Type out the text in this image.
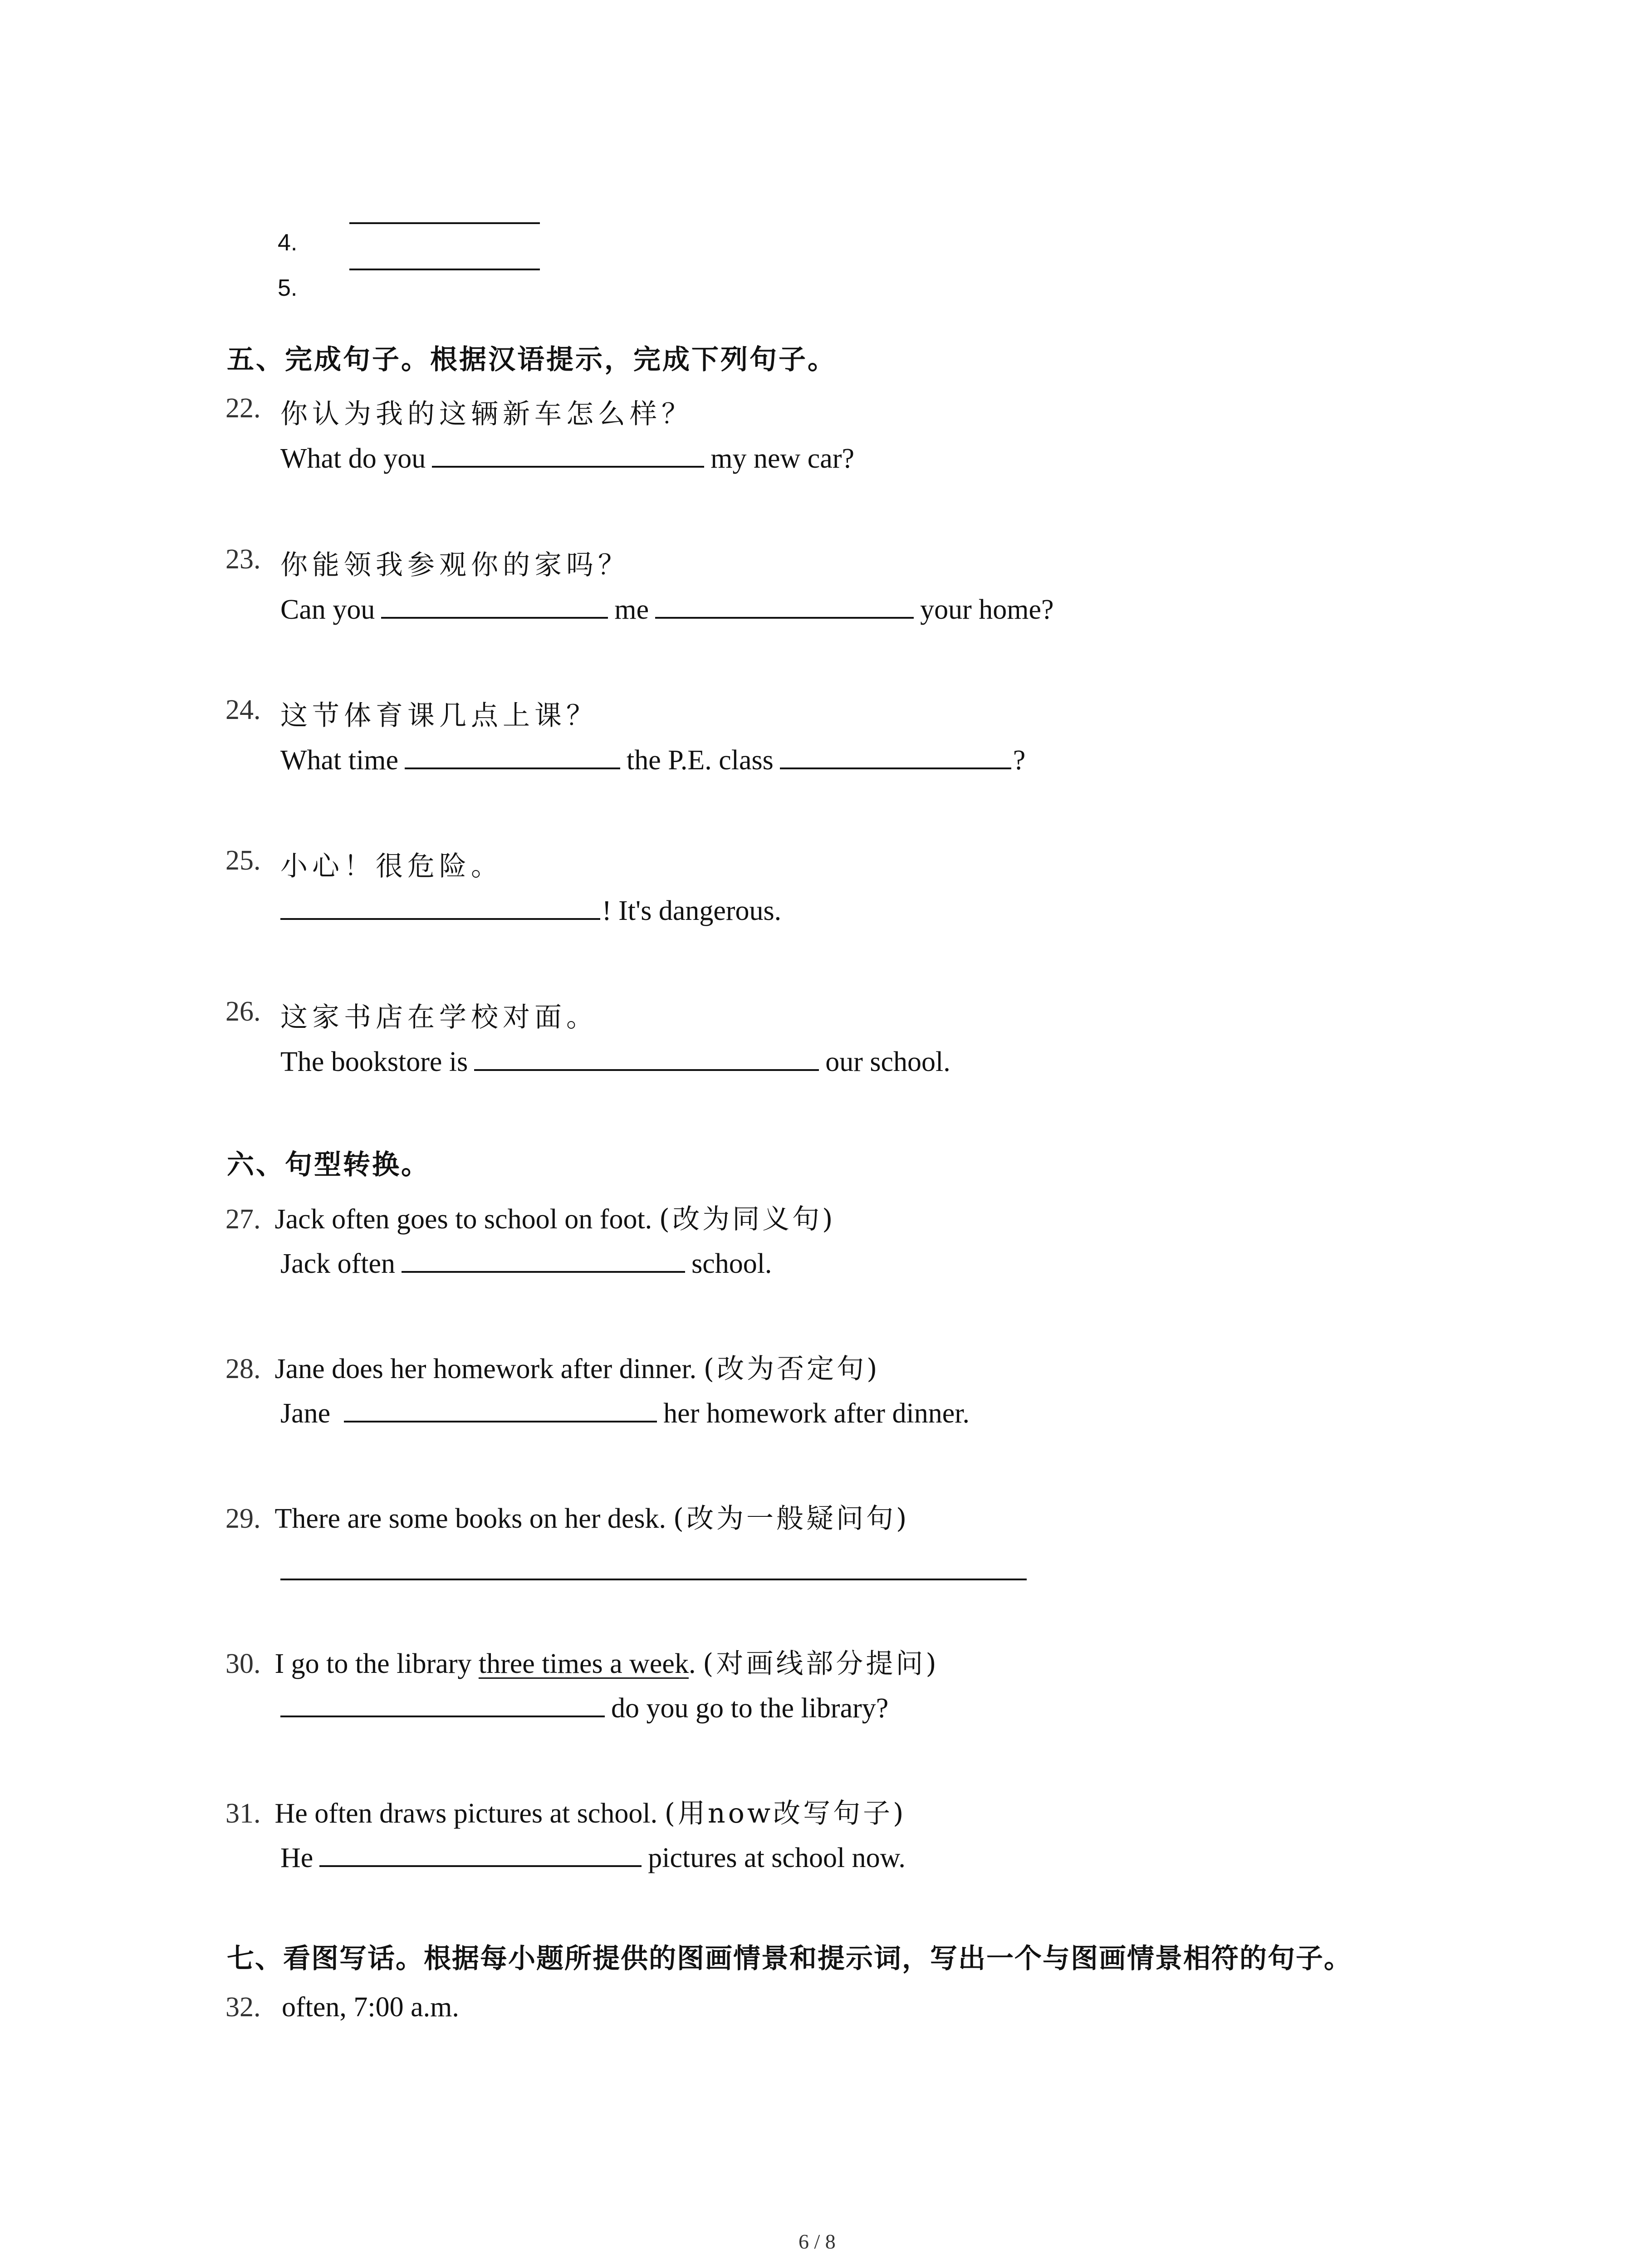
4.
5.
五、完成句子。根据汉语提示，完成下列句子。
22. 你认为我的这辆新车怎么样？
What do you	my new car?
23. 你能领我参观你的家吗？
Can you	me	your home?
24. 这节体育课几点上课？
What time	the P.E. class	?
25. 小心！很危险。
! It's dangerous.
26. 这家书店在学校对面。
The bookstore is	our school.
六、句型转换。
27. Jack often goes to school on foot. (改为同义句)
Jack often	school.
28. Jane does her homework after dinner. (改为否定句)
Jane	her homework after dinner.
29. There are some books on her desk. (改为一般疑问句)
30. I go to the library three times a week. (对画线部分提问)
do you go to the library?
31. He often draws pictures at school. (用now改写句子)
He	pictures at school now.
七、看图写话。根据每小题所提供的图画情景和提示词，写出一个与图画情景相符的句子。
32. often, 7:00 a.m.
6 / 8
